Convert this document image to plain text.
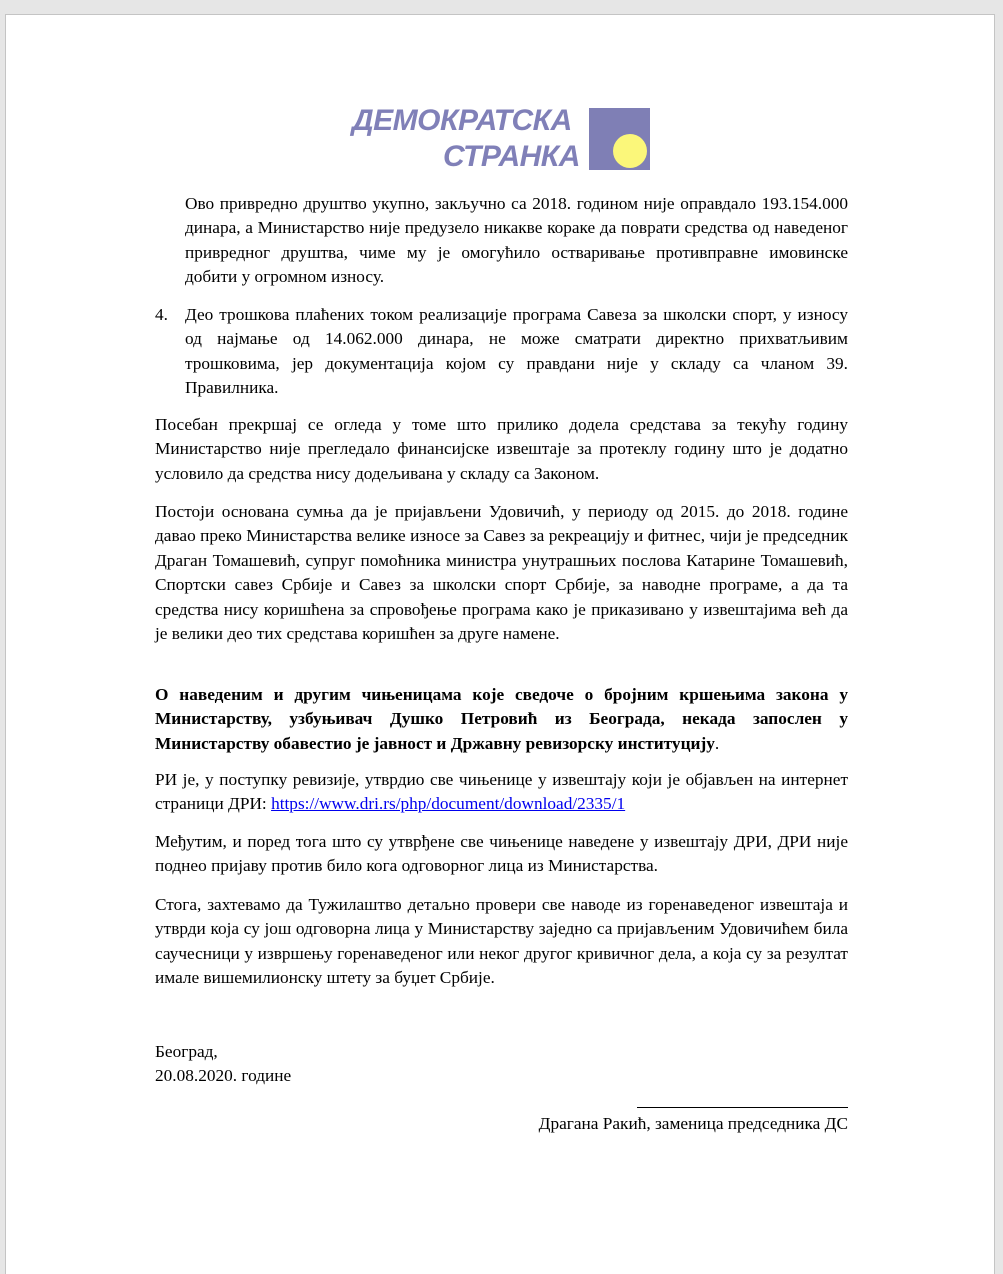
ДЕМОКРАТСКА
СТРАНКА

Ово привредно друштво укупно, закључно са 2018. годином није оправдало 193.154.000 динара, а Министарство није предузело никакве кораке да поврати средства од наведеног привредног друштва, чиме му је омогућило остваривање противправне имовинске добити у огромном износу.

4. Део трошкова плаћених током реализације програма Савеза за школски спорт, у износу од најмање од 14.062.000 динара, не може сматрати директно прихватљивим трошковима, јер документација којом су правдани није у складу са чланом 39. Правилника.

Посебан прекршај се огледа у томе што прилико додела средстава за текућу годину Министарство није прегледало финансијске извештаје за протеклу годину што је додатно условило да средства нису додељивана у складу са Законом.

Постоји основана сумња да је пријављени Удовичић, у периоду од 2015. до 2018. године давао преко Министарства велике износе за Савез за рекреацију и фитнес, чији је председник Драган Томашевић, супруг помоћника министра унутрашњих послова Катарине Томашевић, Спортски савез Србије и Савез за школски спорт Србије, за наводне програме, а да та средства нису коришћена за спровођење програма како је приказивано у извештајима већ да је велики део тих средстава коришћен за друге намене.

О наведеним и другим чињеницама које сведоче о бројним кршењима закона у Министарству, узбуњивач Душко Петровић из Београда, некада запослен у Министарству обавестио је јавност и Државну ревизорску институцију.

РИ је, у поступку ревизије, утврдио све чињенице у извештају који је објављен на интернет страници ДРИ: https://www.dri.rs/php/document/download/2335/1

Међутим, и поред тога што су утврђене све чињенице наведене у извештају ДРИ, ДРИ није поднео пријаву против било кога одговорног лица из Министарства.

Стога, захтевамо да Тужилаштво детаљно провери све наводе из горенаведеног извештаја и утврди која су још одговорна лица у Министарству заједно са пријављеним Удовичићем била саучесници у извршењу горенаведеног или неког другог кривичног дела, а која су за резултат имале вишемилионску штету за буџет Србије.

Београд,
20.08.2020. године
Драгана Ракић, заменица председника ДС
